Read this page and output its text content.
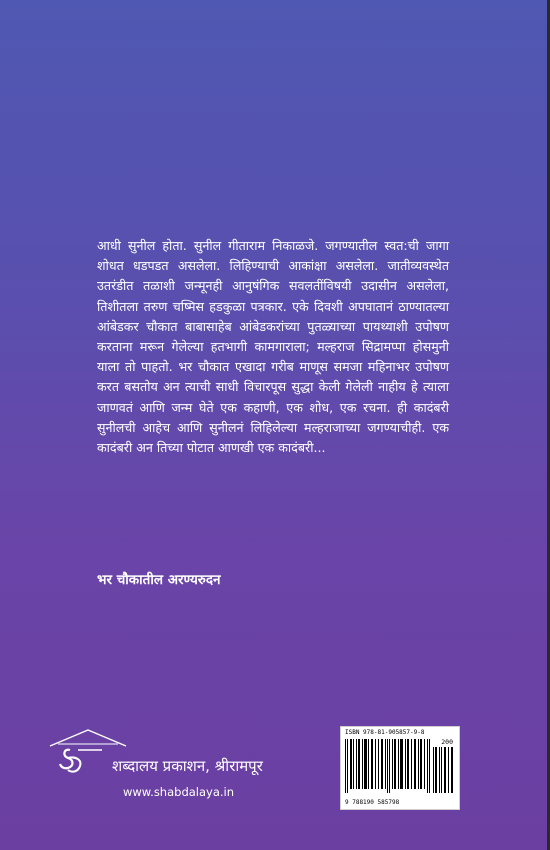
आधी सुनील होता. सुनील गीताराम निकाळजे. जगण्यातील स्वत:ची जागा शोधत धडपडत असलेला. लिहिण्याची आकांक्षा असलेला. जातीव्यवस्थेत उतरंडीत तळाशी जन्मूनही आनुषंगिक सवलतींविषयी उदासीन असलेला, तिशीतला तरुण चष्मिस हडकुळा पत्रकार. एके दिवशी अपघातानं ठाण्यातल्या आंबेडकर चौकात बाबासाहेब आंबेडकरांच्या पुतळ्याच्या पायथ्याशी उपोषण करताना मरून गेलेल्या हतभागी कामगाराला; मल्हराज सिद्रामप्पा होसमुनी याला तो पाहतो. भर चौकात एखादा गरीब माणूस समजा महिनाभर उपोषण करत बसतोय अन त्याची साधी विचारपूस सुद्धा केली गेलेली नाहीय हे त्याला जाणवतं आणि जन्म घेते एक कहाणी, एक शोध, एक रचना. ही कादंबरी सुनीलची आहेच आणि सुनीलनं लिहिलेल्या मल्हराजाच्या जगण्याचीही. एक कादंबरी अन तिच्या पोटात आणखी एक कादंबरी...

भर चौकातील अरण्यरुदन
शब्दालय प्रकाशन, श्रीरामपूर
www.shabdalaya.in
ISBN 978-81-905857-9-8
200
9 788190 585798
